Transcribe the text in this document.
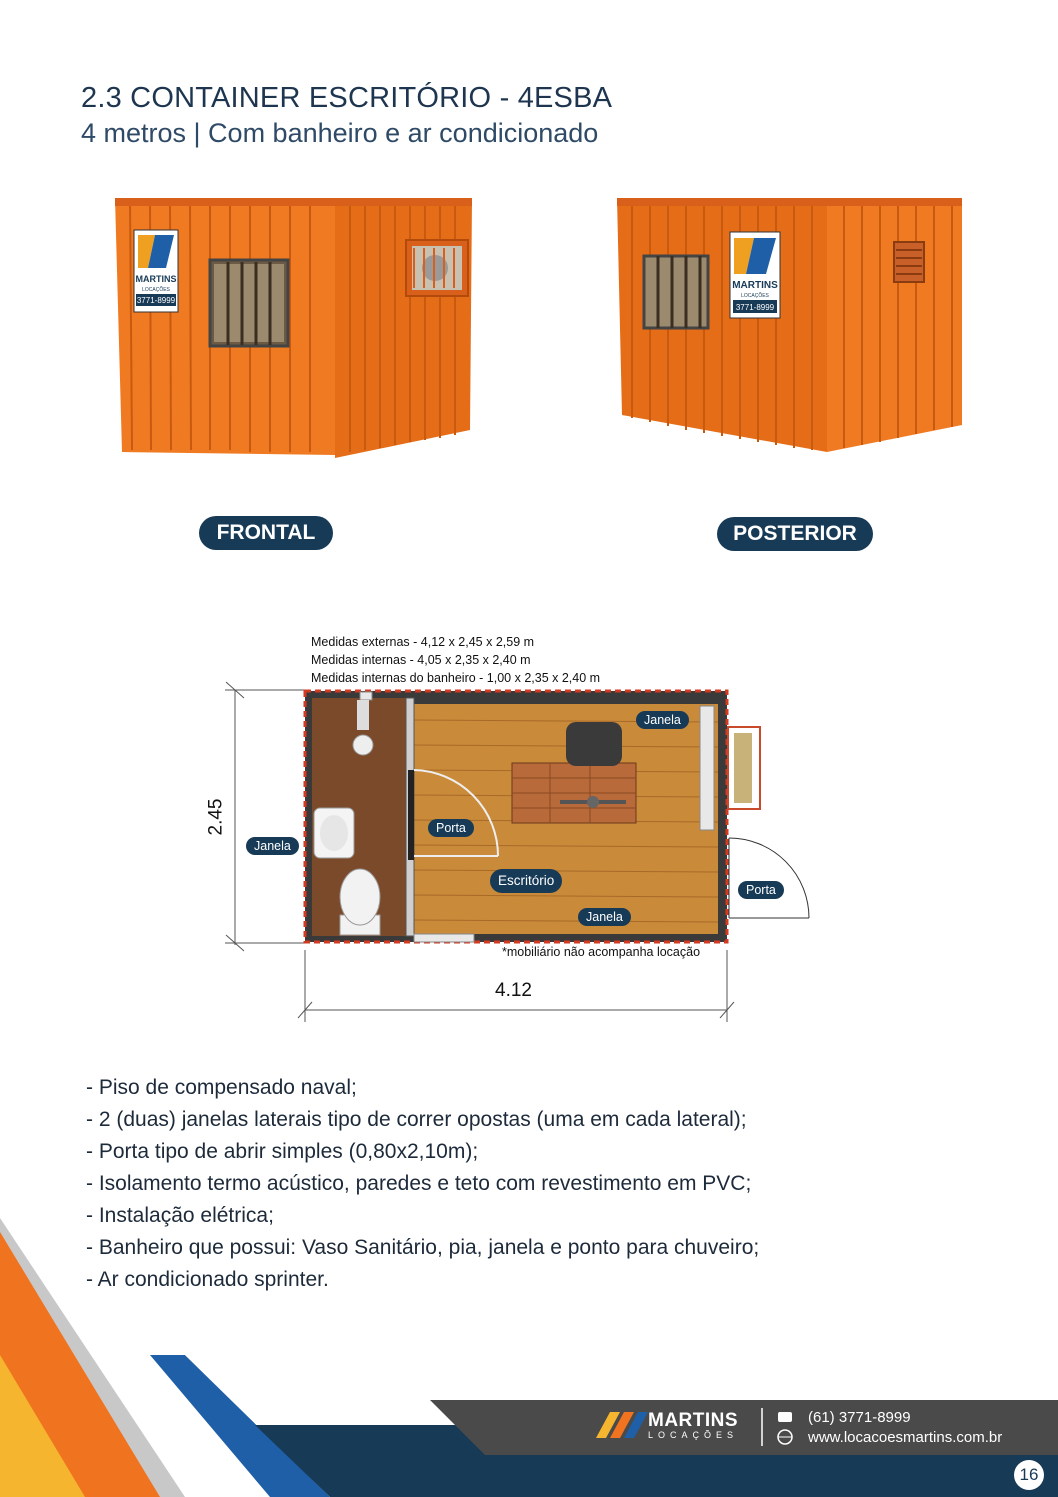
2.3 CONTAINER ESCRITÓRIO - 4ESBA
4 metros | Com banheiro e ar condicionado
MARTINS
LOCAÇÕES
3771-8999
MARTINS
LOCAÇÕES
3771-8999
FRONTAL	POSTERIOR
Medidas externas - 4,12 x 2,45 x 2,59 m
Medidas internas - 4,05 x 2,35 x 2,40 m
Medidas internas do banheiro - 1,00 x 2,35 x 2,40 m
Janela
Janela
Janela
Porta
Porta
Escritório
2.45
4.12
*mobiliário não acompanha locação
- Piso de compensado naval;
- 2 (duas) janelas laterais tipo de correr opostas (uma em cada lateral);
- Porta tipo de abrir simples (0,80x2,10m);
- Isolamento termo acústico, paredes e teto com revestimento em PVC;
- Instalação elétrica;
- Banheiro que possui: Vaso Sanitário, pia, janela e ponto para chuveiro;
- Ar condicionado sprinter.
MARTINS
LOCAÇÕES
(61) 3771-8999
www.locacoesmartins.com.br
16
